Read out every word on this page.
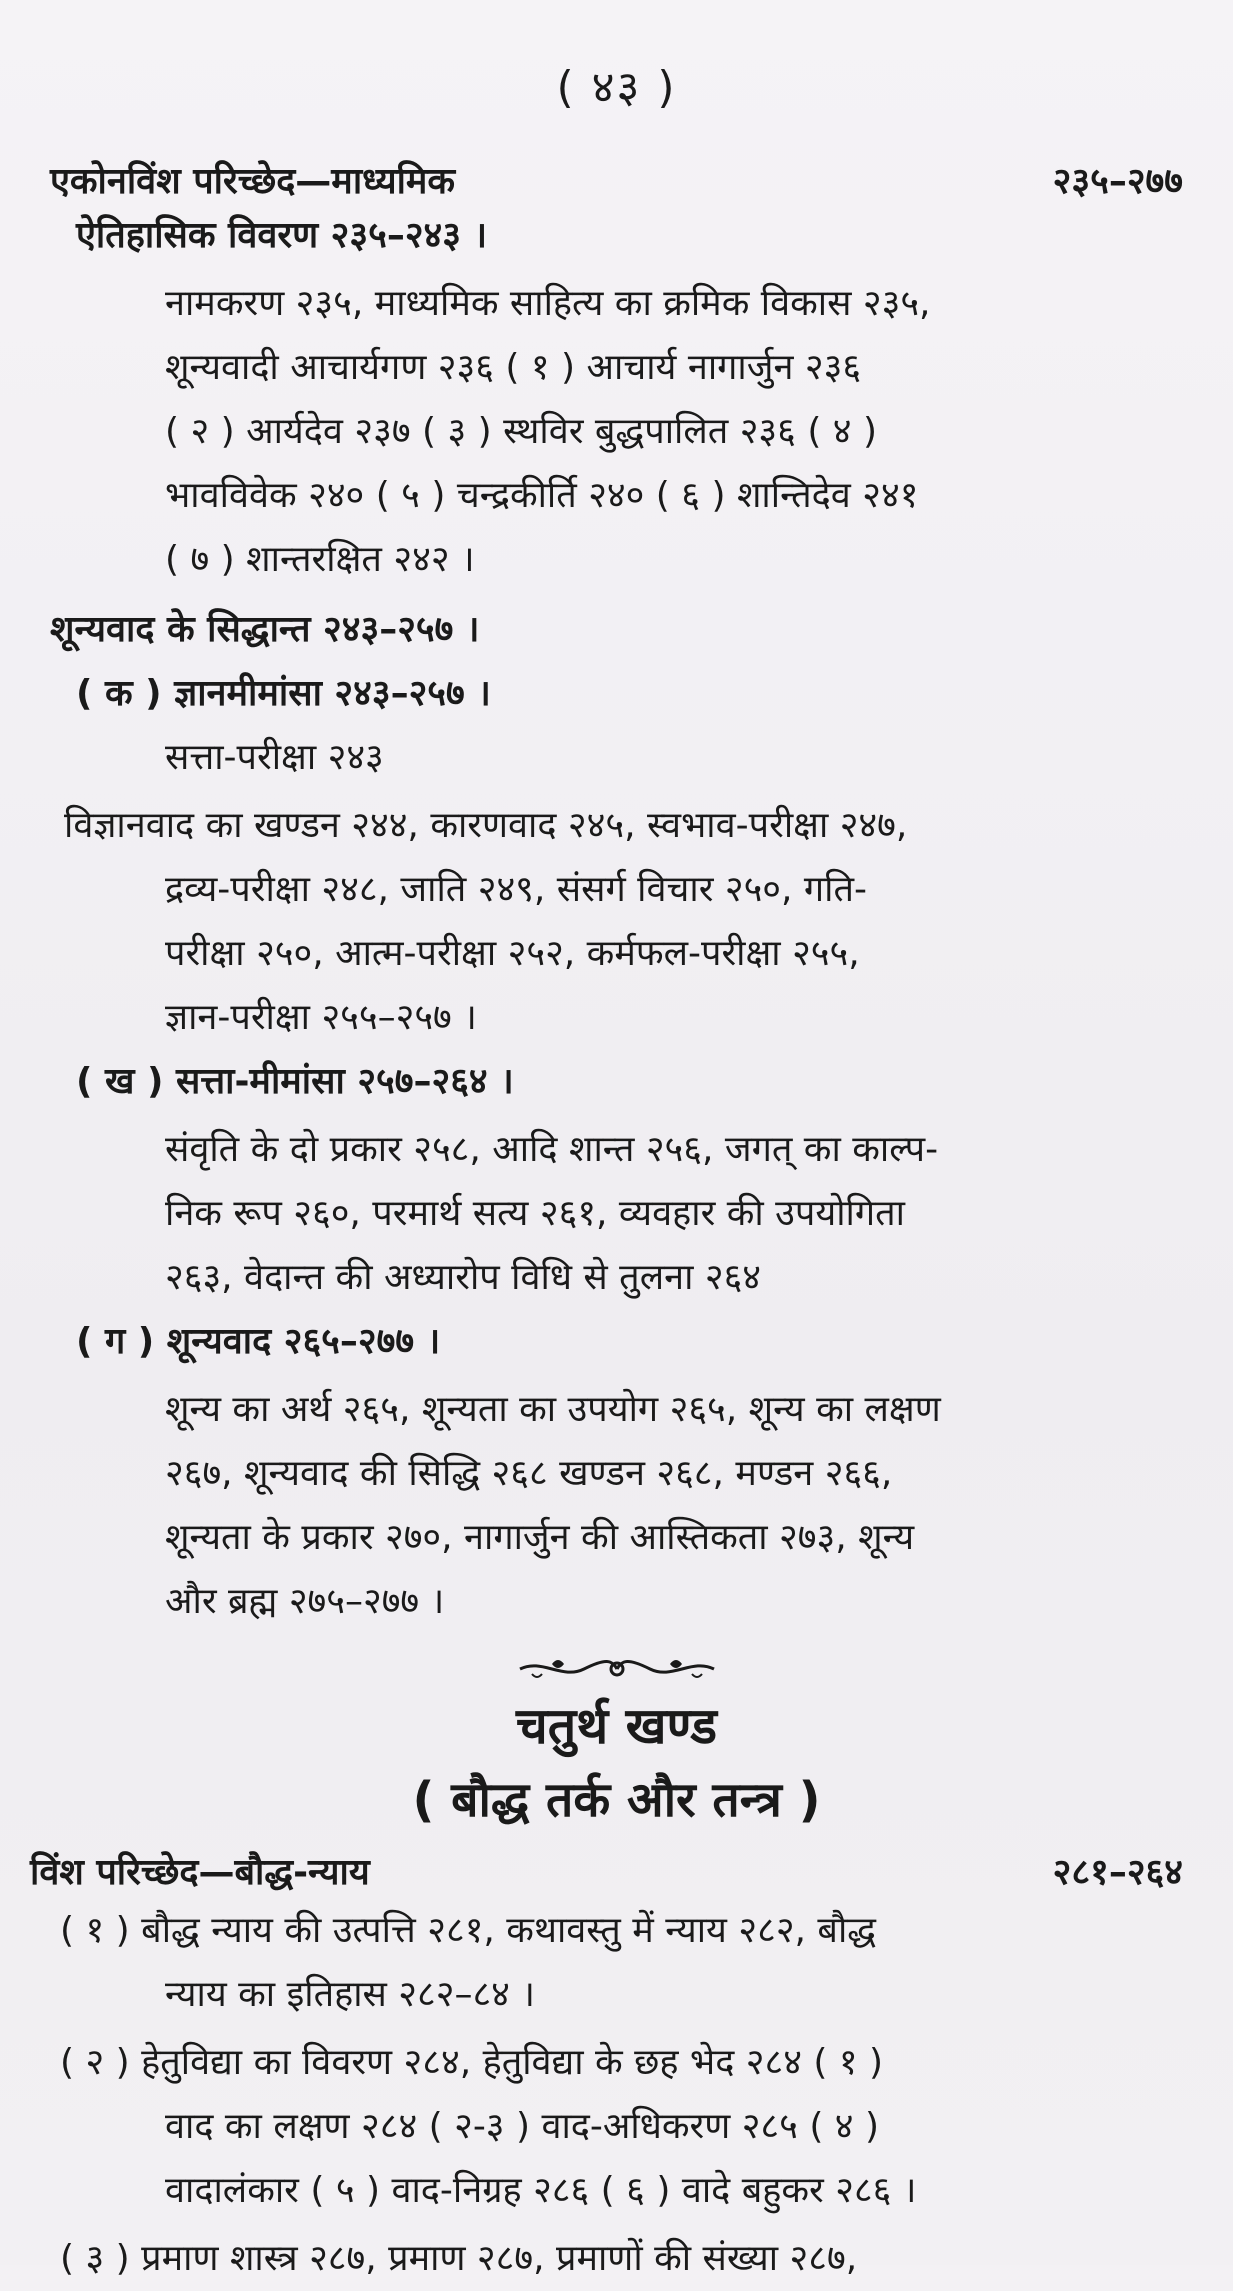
( ४३ )
एकोनविंश परिच्छेद—माध्यमिक	२३५–२७७
ऐतिहासिक विवरण २३५–२४३ ।
नामकरण २३५, माध्यमिक साहित्य का क्रमिक विकास २३५,
शून्यवादी आचार्यगण २३६ ( १ ) आचार्य नागार्जुन २३६
( २ ) आर्यदेव २३७ ( ३ ) स्थविर बुद्धपालित २३६ ( ४ )
भावविवेक २४० ( ५ ) चन्द्रकीर्ति २४० ( ६ ) शान्तिदेव २४१
( ७ ) शान्तरक्षित २४२ ।
शून्यवाद के सिद्धान्त २४३–२५७ ।
( क ) ज्ञानमीमांसा २४३–२५७ ।
सत्ता-परीक्षा २४३
विज्ञानवाद का खण्डन २४४, कारणवाद २४५, स्वभाव-परीक्षा २४७,
द्रव्य-परीक्षा २४८, जाति २४९, संसर्ग विचार २५०, गति-
परीक्षा २५०, आत्म-परीक्षा २५२, कर्मफल-परीक्षा २५५,
ज्ञान-परीक्षा २५५–२५७ ।
( ख ) सत्ता-मीमांसा २५७–२६४ ।
संवृति के दो प्रकार २५८, आदि शान्त २५६, जगत् का काल्प-
निक रूप २६०, परमार्थ सत्य २६१, व्यवहार की उपयोगिता
२६३, वेदान्त की अध्यारोप विधि से तुलना २६४
( ग ) शून्यवाद २६५–२७७ ।
शून्य का अर्थ २६५, शून्यता का उपयोग २६५, शून्य का लक्षण
२६७, शून्यवाद की सिद्धि २६८ खण्डन २६८, मण्डन २६६,
शून्यता के प्रकार २७०, नागार्जुन की आस्तिकता २७३, शून्य
और ब्रह्म २७५–२७७ ।
चतुर्थ खण्ड
( बौद्ध तर्क और तन्त्र )
विंश परिच्छेद—बौद्ध-न्याय	२८१–२६४
( १ ) बौद्ध न्याय की उत्पत्ति २८१, कथावस्तु में न्याय २८२, बौद्ध
न्याय का इतिहास २८२–८४ ।
( २ ) हेतुविद्या का विवरण २८४, हेतुविद्या के छह भेद २८४ ( १ )
वाद का लक्षण २८४ ( २-३ ) वाद-अधिकरण २८५ ( ४ )
वादालंकार ( ५ ) वाद-निग्रह २८६ ( ६ ) वादे बहुकर २८६ ।
( ३ ) प्रमाण शास्त्र २८७, प्रमाण २८७, प्रमाणों की संख्या २८७,
